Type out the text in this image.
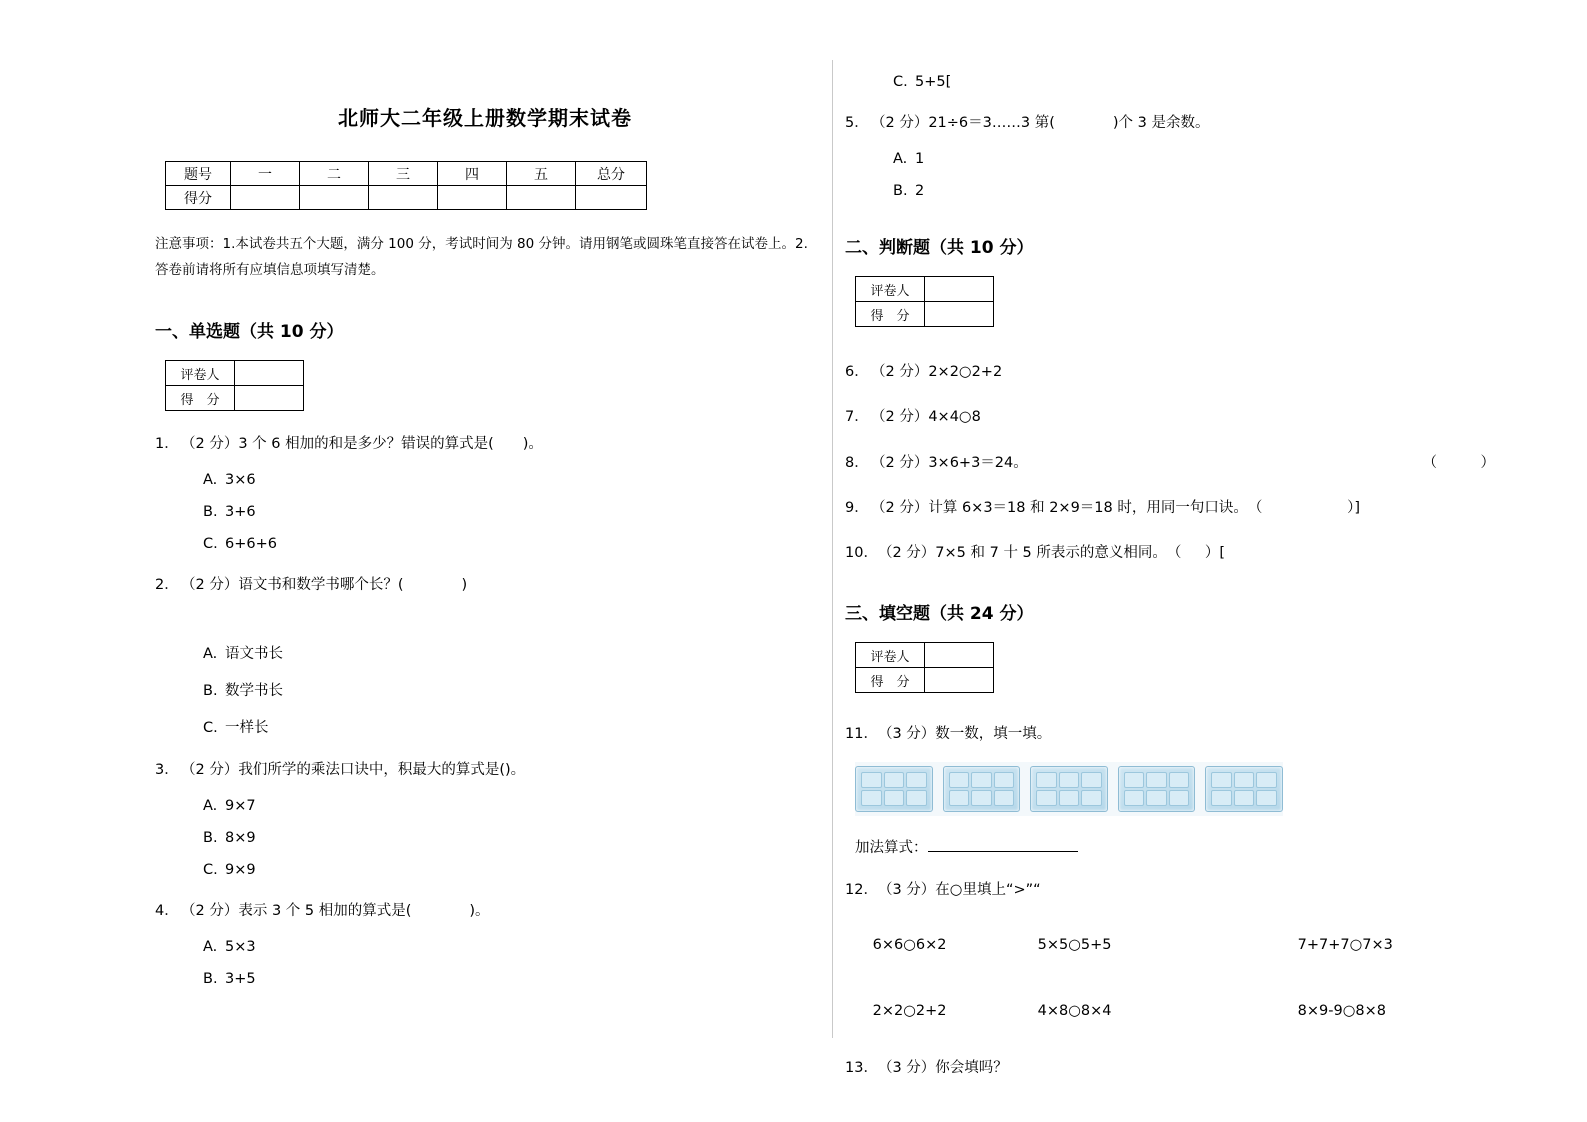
北师大二年级上册数学期末试卷
题号	一	二	三	四	五	总分
得分						
注意事项：1.本试卷共五个大题，满分 100 分，考试时间为 80 分钟。请用钢笔或圆珠笔直接答在试卷上。2. 答卷前请将所有应填信息项填写清楚。
一、单选题（共 10 分）
评卷人	
得　分	
1． （2 分）3 个 6 相加的和是多少？错误的算式是(　　)。
A. 3×6
B. 3+6
C. 6+6+6
2． （2 分）语文书和数学书哪个长？(　　　　)
A. 语文书长
B. 数学书长
C. 一样长
3． （2 分）我们所学的乘法口诀中，积最大的算式是()。
A. 9×7
B. 8×9
C. 9×9
4． （2 分）表示 3 个 5 相加的算式是(　　　　)。
A. 5×3
B. 3+5
C. 5+5[
5． （2 分）21÷6＝3……3 第(　　　　)个 3 是余数。
A. 1
B. 2
二、判断题（共 10 分）
评卷人	
得　分	
6． （2 分）2×2○2+2
7． （2 分）4×4○8
8． （2 分）3×6+3＝24。	（　　　）
9． （2 分）计算 6×3＝18 和 2×9＝18 时，用同一句口诀。　（	）]
10．（2 分）7×5 和 7 十 5 所表示的意义相同。　（ ）[
三、填空题（共 24 分）
评卷人	
得　分	
11．（3 分）数一数，填一填。
加法算式：
12．（3 分）在○里填上“>”“

6×6○6×2	5×5○5+5	7+7+7○7×3

2×2○2+2	4×8○8×4	8×9-9○8×8

13．（3 分）你会填吗？
